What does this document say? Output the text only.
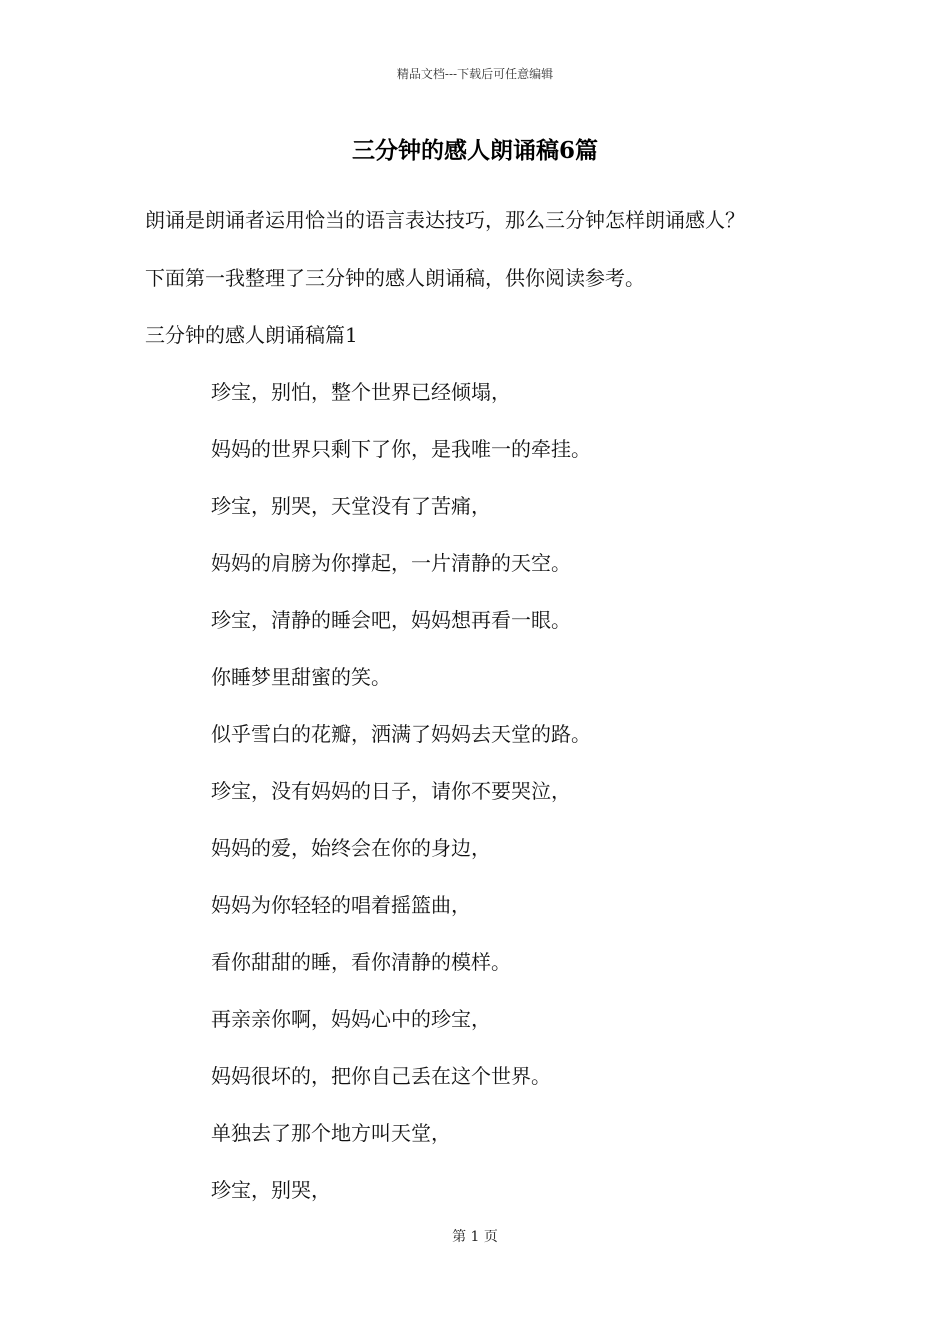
精品文档---下载后可任意编辑
三分钟的感人朗诵稿6篇
朗诵是朗诵者运用恰当的语言表达技巧，那么三分钟怎样朗诵感人？
下面第一我整理了三分钟的感人朗诵稿，供你阅读参考。
三分钟的感人朗诵稿篇1
珍宝，别怕，整个世界已经倾塌，
妈妈的世界只剩下了你，是我唯一的牵挂。
珍宝，别哭，天堂没有了苦痛，
妈妈的肩膀为你撑起，一片清静的天空。
珍宝，清静的睡会吧，妈妈想再看一眼。
你睡梦里甜蜜的笑。
似乎雪白的花瓣，洒满了妈妈去天堂的路。
珍宝，没有妈妈的日子，请你不要哭泣，
妈妈的爱，始终会在你的身边，
妈妈为你轻轻的唱着摇篮曲，
看你甜甜的睡，看你清静的模样。
再亲亲你啊，妈妈心中的珍宝，
妈妈很坏的，把你自己丢在这个世界。
单独去了那个地方叫天堂，
珍宝，别哭，
第 1 页
